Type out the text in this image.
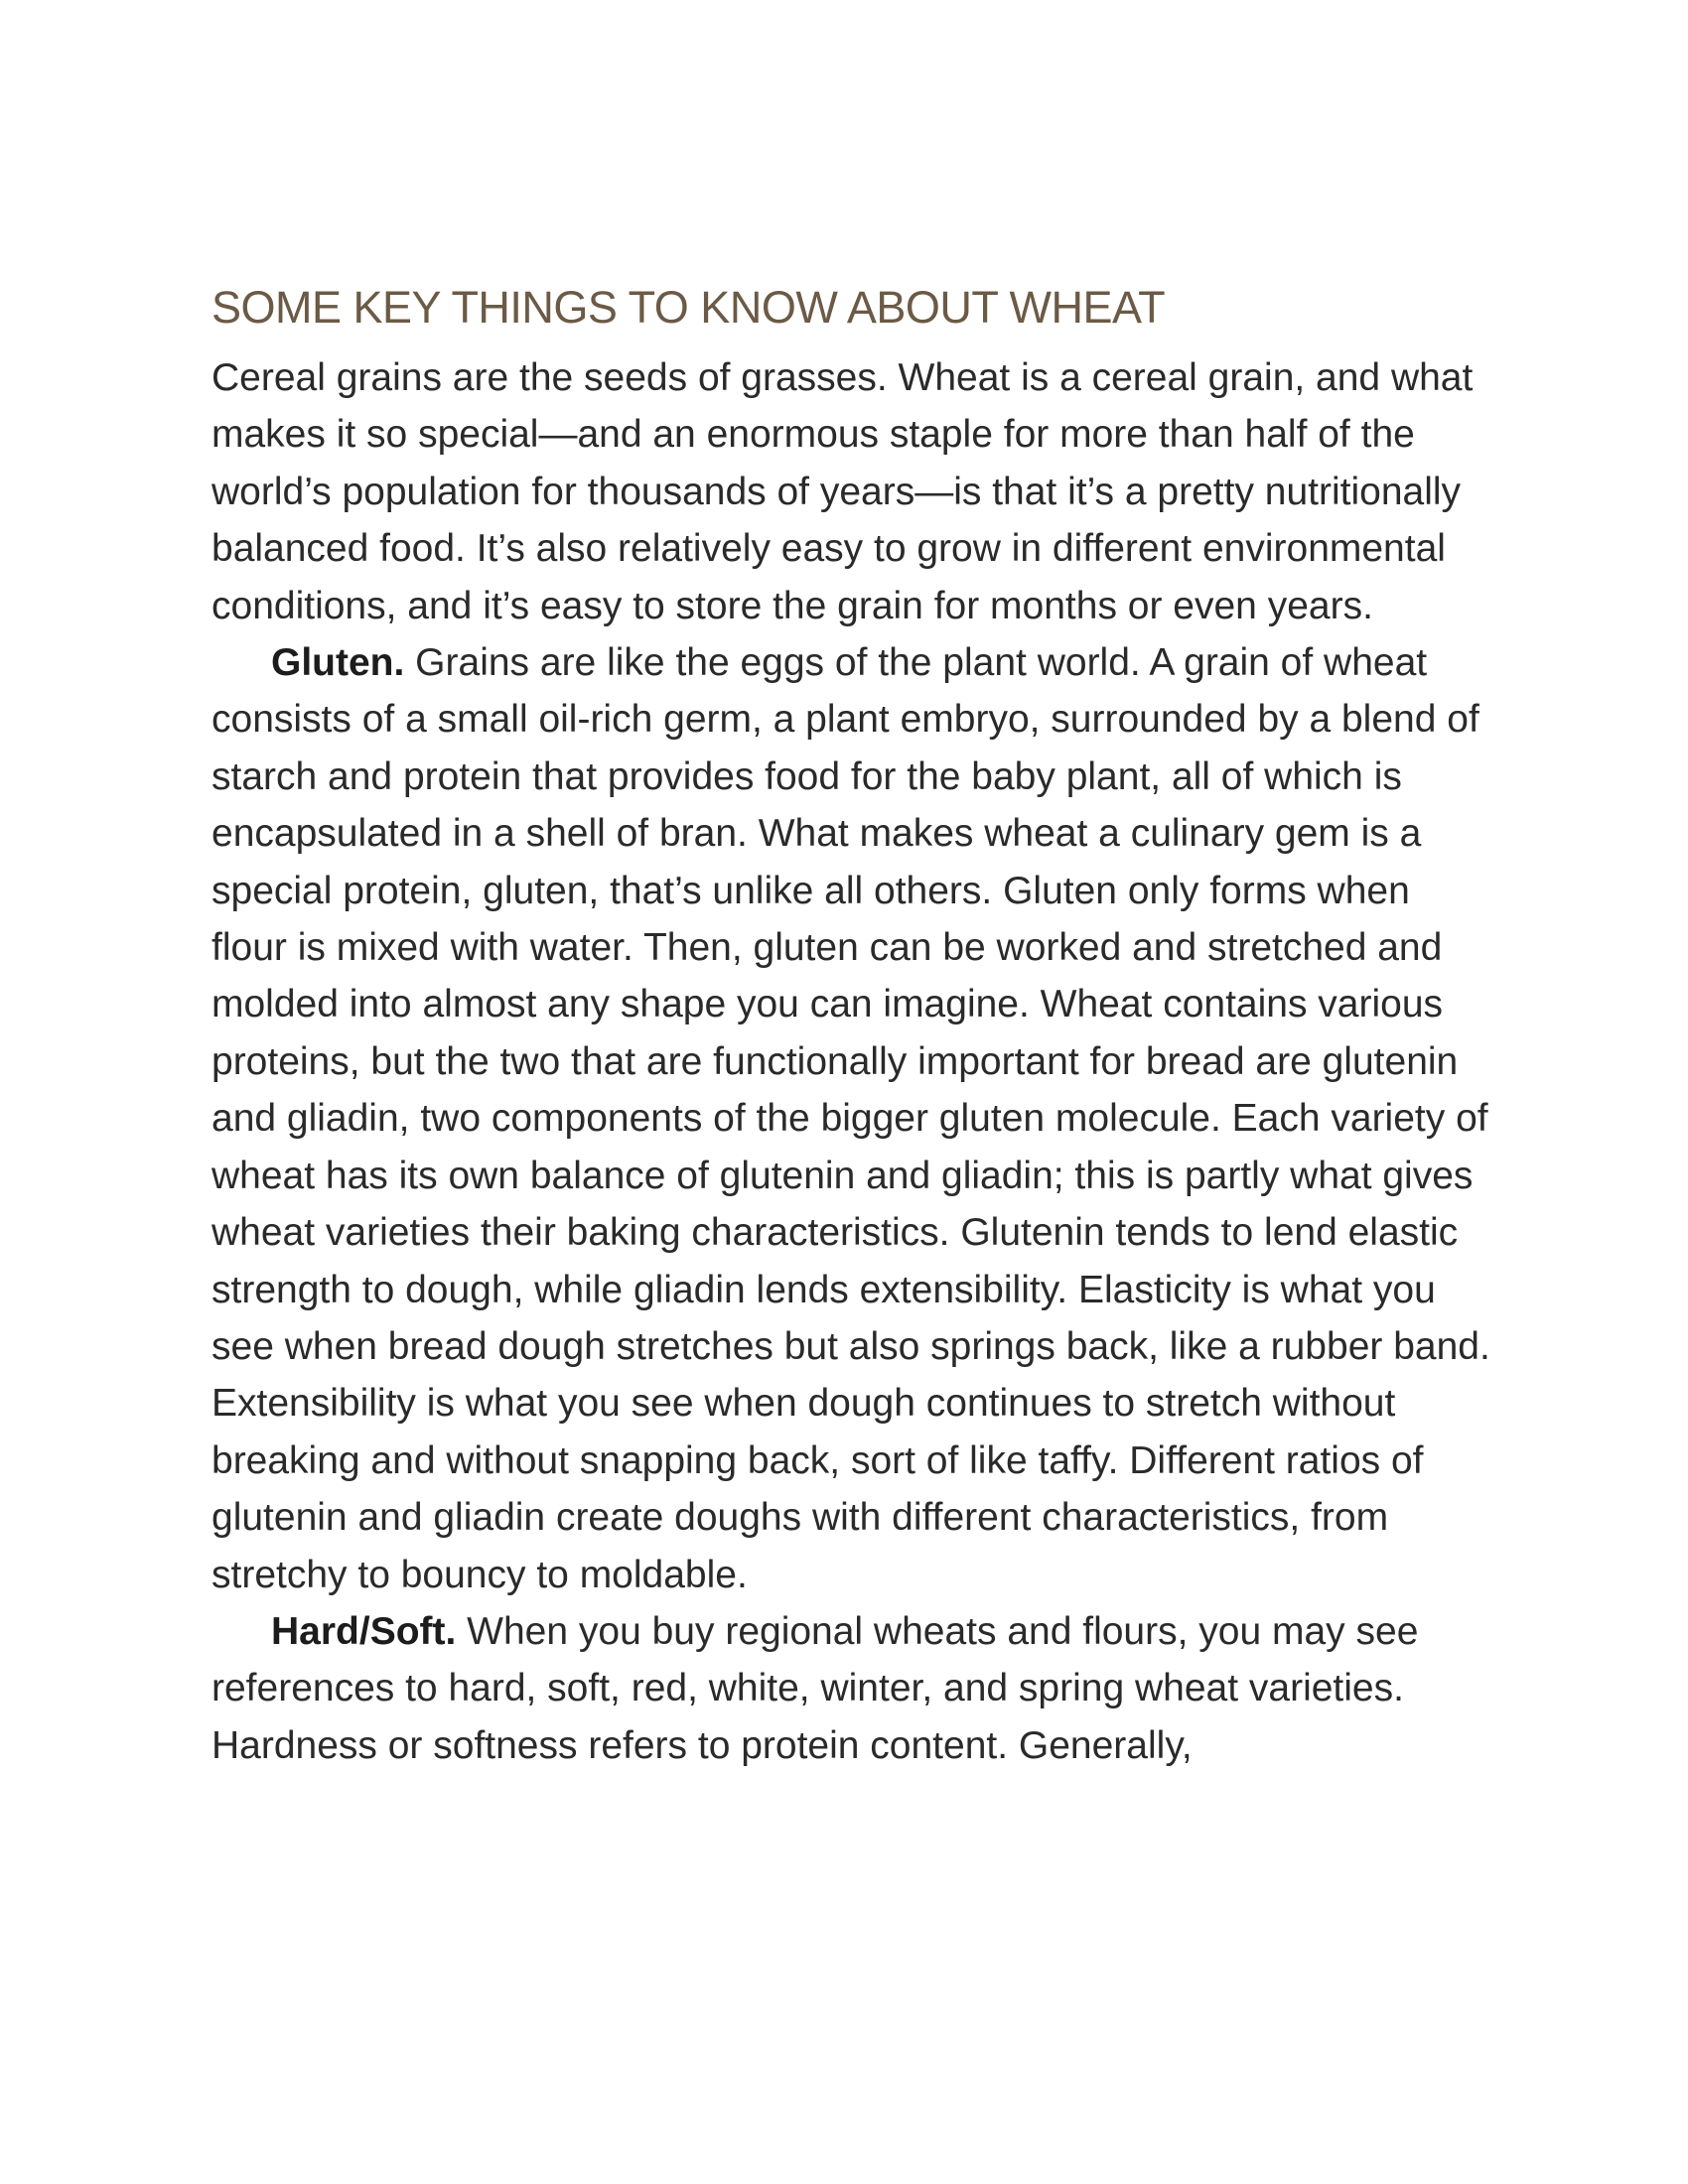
SOME KEY THINGS TO KNOW ABOUT WHEAT

Cereal grains are the seeds of grasses. Wheat is a cereal grain, and what makes it so special—and an enormous staple for more than half of the world’s population for thousands of years—is that it’s a pretty nutritionally balanced food. It’s also relatively easy to grow in different environmental conditions, and it’s easy to store the grain for months or even years.

Gluten. Grains are like the eggs of the plant world. A grain of wheat consists of a small oil-rich germ, a plant embryo, surrounded by a blend of starch and protein that provides food for the baby plant, all of which is encapsulated in a shell of bran. What makes wheat a culinary gem is a special protein, gluten, that’s unlike all others. Gluten only forms when flour is mixed with water. Then, gluten can be worked and stretched and molded into almost any shape you can imagine. Wheat contains various proteins, but the two that are functionally important for bread are glutenin and gliadin, two components of the bigger gluten molecule. Each variety of wheat has its own balance of glutenin and gliadin; this is partly what gives wheat varieties their baking characteristics. Glutenin tends to lend elastic strength to dough, while gliadin lends extensibility. Elasticity is what you see when bread dough stretches but also springs back, like a rubber band. Extensibility is what you see when dough continues to stretch without breaking and without snapping back, sort of like taffy. Different ratios of glutenin and gliadin create doughs with different characteristics, from stretchy to bouncy to moldable.

Hard/Soft. When you buy regional wheats and flours, you may see references to hard, soft, red, white, winter, and spring wheat varieties. Hardness or softness refers to protein content. Generally,
